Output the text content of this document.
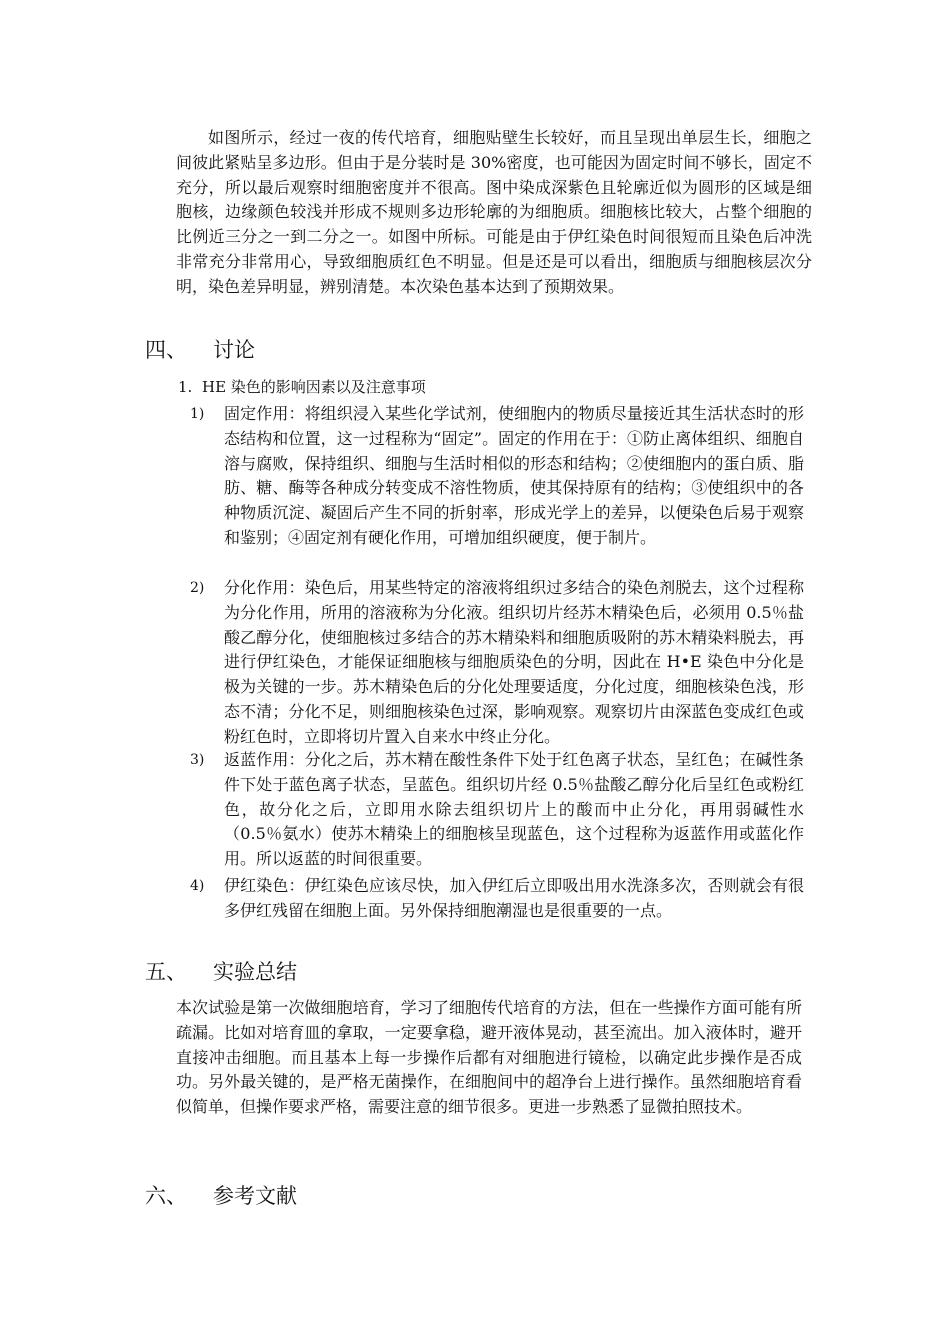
如图所示，经过一夜的传代培育，细胞贴壁生长较好，而且呈现出单层生长，细胞之间彼此紧贴呈多边形。但由于是分装时是 30%密度，也可能因为固定时间不够长，固定不充分，所以最后观察时细胞密度并不很高。图中染成深紫色且轮廓近似为圆形的区域是细胞核，边缘颜色较浅并形成不规则多边形轮廓的为细胞质。细胞核比较大，占整个细胞的比例近三分之一到二分之一。如图中所标。可能是由于伊红染色时间很短而且染色后冲洗非常充分非常用心，导致细胞质红色不明显。但是还是可以看出，细胞质与细胞核层次分明，染色差异明显，辨别清楚。本次染色基本达到了预期效果。

四、	讨论

1. HE 染色的影响因素以及注意事项

1)	固定作用：将组织浸入某些化学试剂，使细胞内的物质尽量接近其生活状态时的形态结构和位置，这一过程称为“固定”。固定的作用在于：①防止离体组织、细胞自溶与腐败，保持组织、细胞与生活时相似的形态和结构；②使细胞内的蛋白质、脂肪、糖、酶等各种成分转变成不溶性物质，使其保持原有的结构；③使组织中的各种物质沉淀、凝固后产生不同的折射率，形成光学上的差异，以便染色后易于观察和鉴别；④固定剂有硬化作用，可增加组织硬度，便于制片。

2)	分化作用：染色后，用某些特定的溶液将组织过多结合的染色剂脱去，这个过程称为分化作用，所用的溶液称为分化液。组织切片经苏木精染色后，必须用 0.5％盐酸乙醇分化，使细胞核过多结合的苏木精染料和细胞质吸附的苏木精染料脱去，再进行伊红染色，才能保证细胞核与细胞质染色的分明，因此在 H•E 染色中分化是极为关键的一步。苏木精染色后的分化处理要适度，分化过度，细胞核染色浅，形态不清；分化不足，则细胞核染色过深，影响观察。观察切片由深蓝色变成红色或粉红色时，立即将切片置入自来水中终止分化。

3)	返蓝作用：分化之后，苏木精在酸性条件下处于红色离子状态，呈红色；在碱性条件下处于蓝色离子状态，呈蓝色。组织切片经 0.5％盐酸乙醇分化后呈红色或粉红色，故分化之后，立即用水除去组织切片上的酸而中止分化，再用弱碱性水（0.5％氨水）使苏木精染上的细胞核呈现蓝色，这个过程称为返蓝作用或蓝化作用。所以返蓝的时间很重要。

4)	伊红染色：伊红染色应该尽快，加入伊红后立即吸出用水洗涤多次，否则就会有很多伊红残留在细胞上面。另外保持细胞潮湿也是很重要的一点。

五、	实验总结

本次试验是第一次做细胞培育，学习了细胞传代培育的方法，但在一些操作方面可能有所疏漏。比如对培育皿的拿取，一定要拿稳，避开液体晃动，甚至流出。加入液体时，避开直接冲击细胞。而且基本上每一步操作后都有对细胞进行镜检，以确定此步操作是否成功。另外最关键的，是严格无菌操作，在细胞间中的超净台上进行操作。虽然细胞培育看似简单，但操作要求严格，需要注意的细节很多。更进一步熟悉了显微拍照技术。

六、	参考文献
